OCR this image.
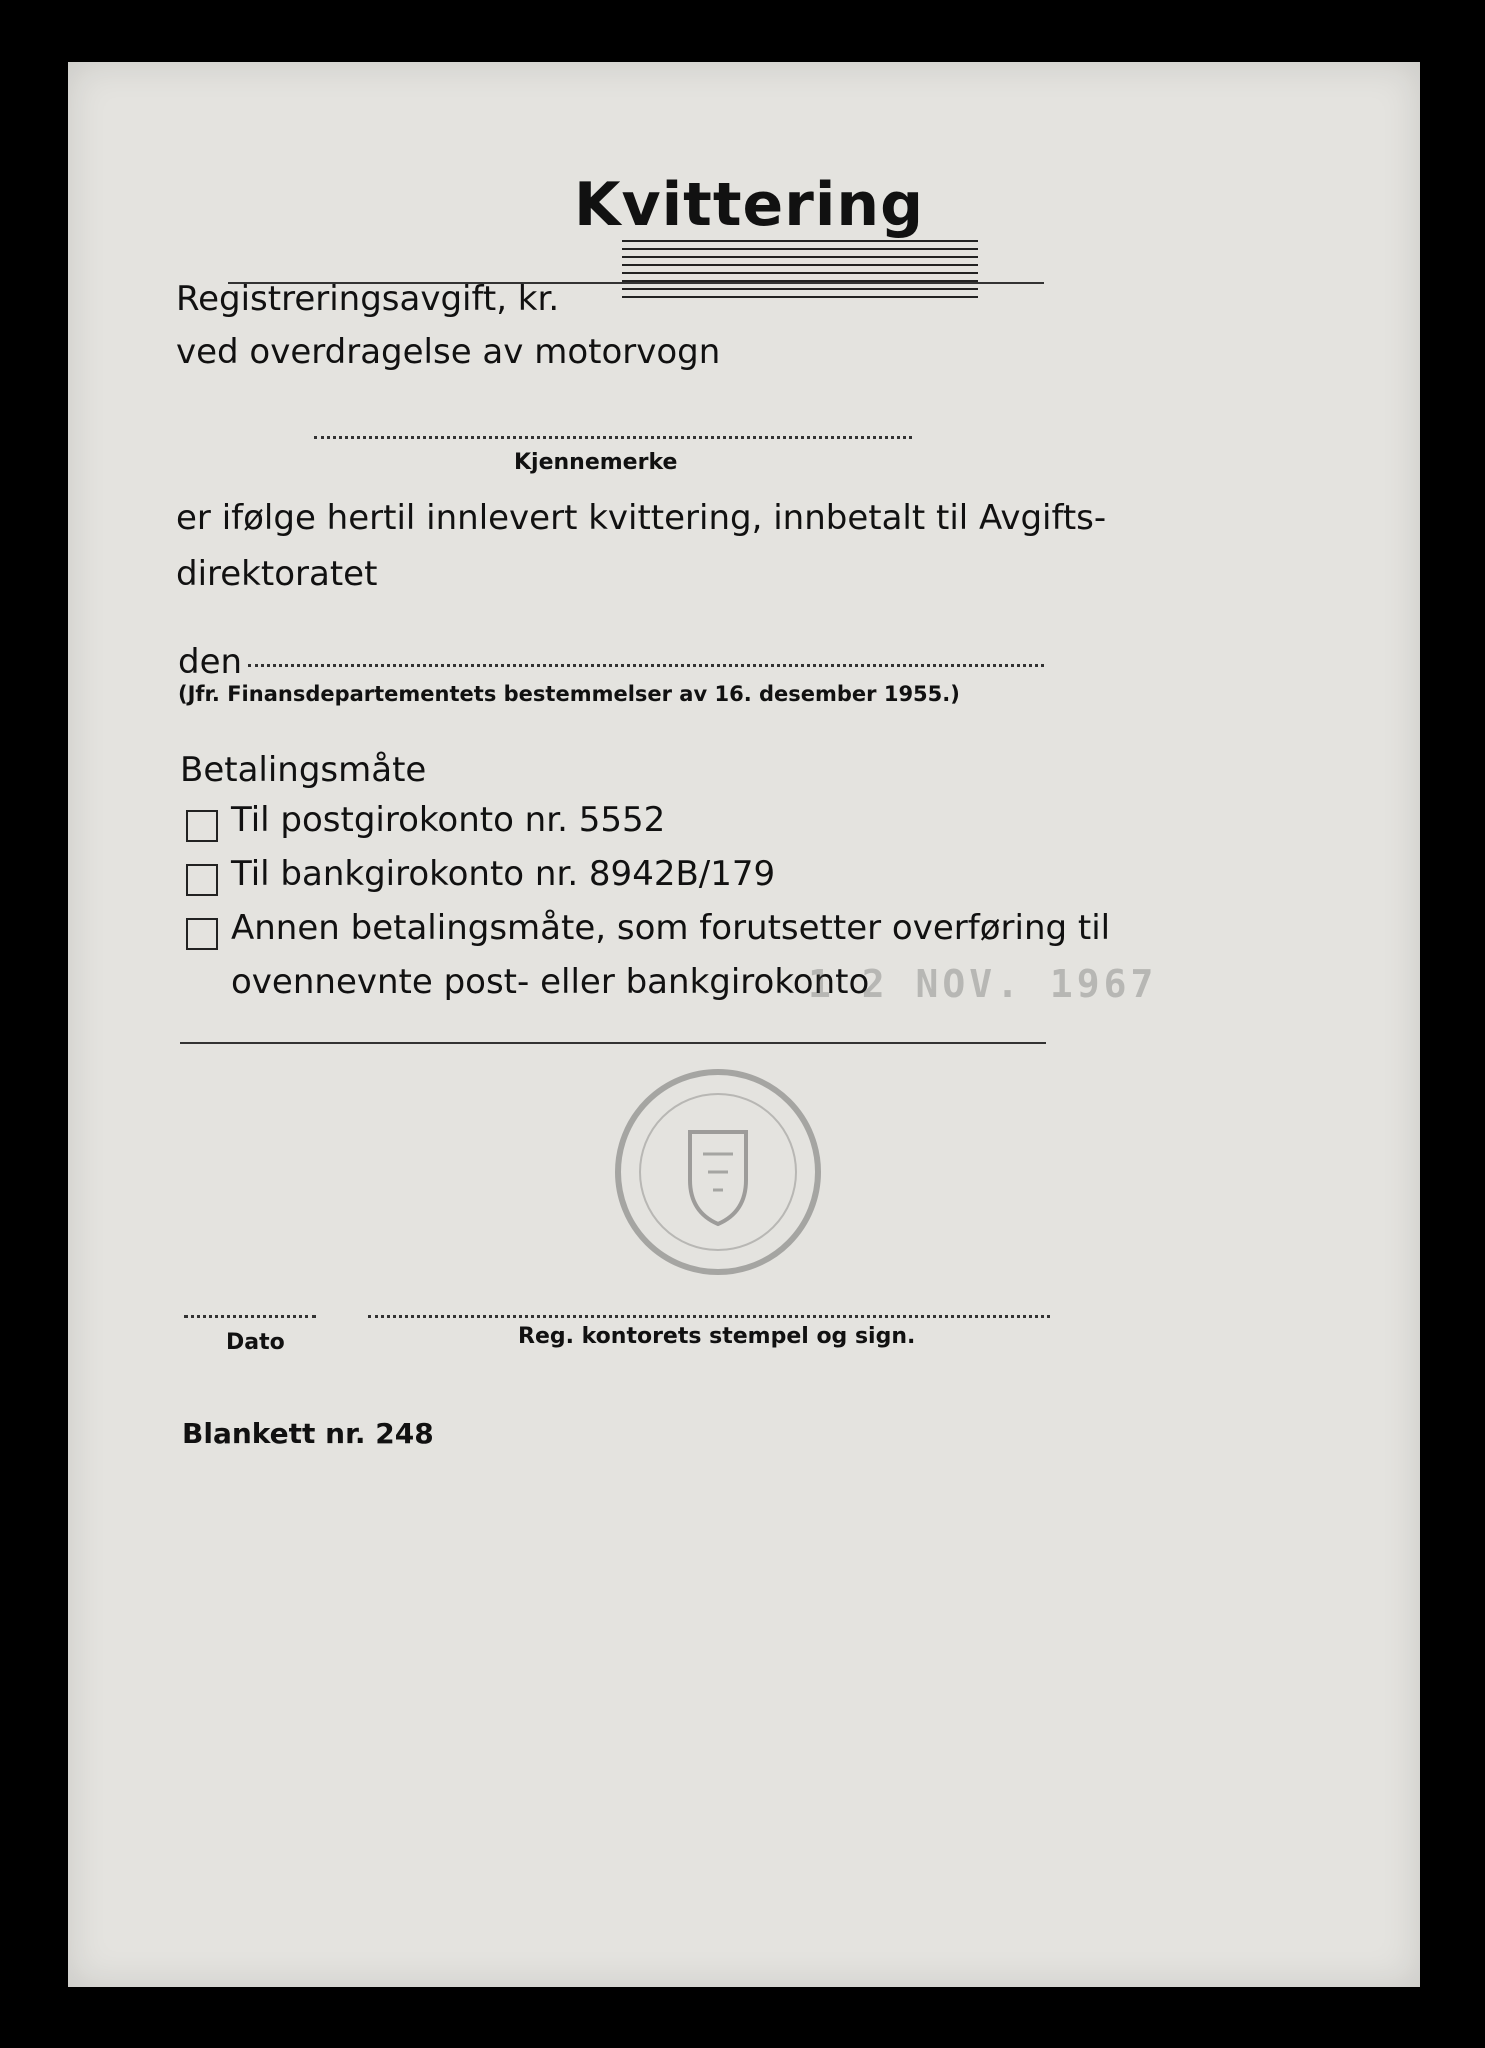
Kvittering
Registreringsavgift, kr.
ved overdragelse av motorvogn
Kjennemerke
er ifølge hertil innlevert kvittering, innbetalt til Avgifts-
direktoratet
den
(Jfr. Finansdepartementets bestemmelser av 16. desember 1955.)
Betalingsmåte
Til postgirokonto nr. 5552
Til bankgirokonto nr. 8942B/179
Annen betalingsmåte, som forutsetter overføring til
ovennevnte post- eller bankgirokonto
1 2 NOV. 1967
Dato	Reg. kontorets stempel og sign.
Blankett nr. 248
